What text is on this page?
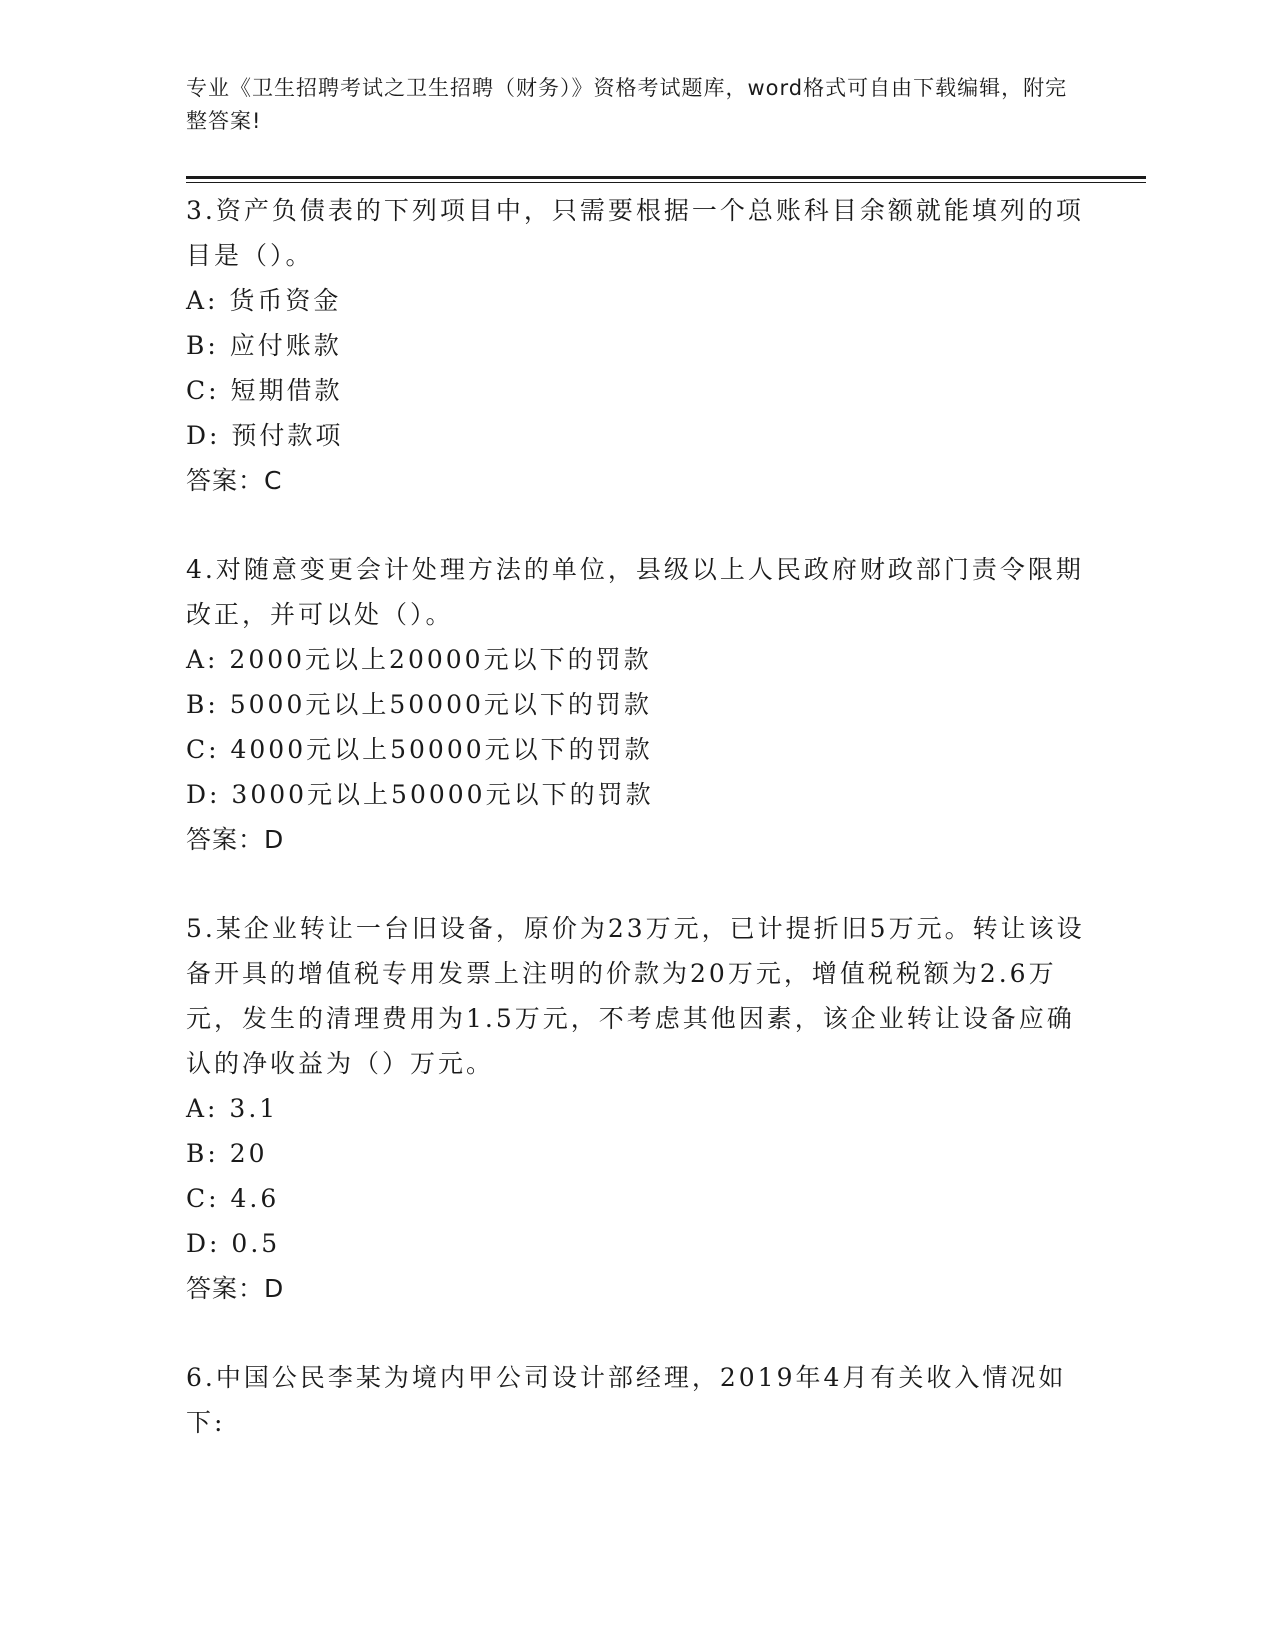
专业《卫生招聘考试之卫生招聘（财务）》资格考试题库，word格式可自由下载编辑，附完整答案!

3.资产负债表的下列项目中，只需要根据一个总账科目余额就能填列的项目是（）。

A: 货币资金

B: 应付账款

C: 短期借款

D: 预付款项

答案：C

4.对随意变更会计处理方法的单位，县级以上人民政府财政部门责令限期改正，并可以处（）。

A: 2000元以上20000元以下的罚款

B: 5000元以上50000元以下的罚款

C: 4000元以上50000元以下的罚款

D: 3000元以上50000元以下的罚款

答案：D

5.某企业转让一台旧设备，原价为23万元，已计提折旧5万元。转让该设备开具的增值税专用发票上注明的价款为20万元，增值税税额为2.6万元，发生的清理费用为1.5万元，不考虑其他因素，该企业转让设备应确认的净收益为（）万元。

A: 3.1

B: 20

C: 4.6

D: 0.5

答案：D

6.中国公民李某为境内甲公司设计部经理，2019年4月有关收入情况如下:
